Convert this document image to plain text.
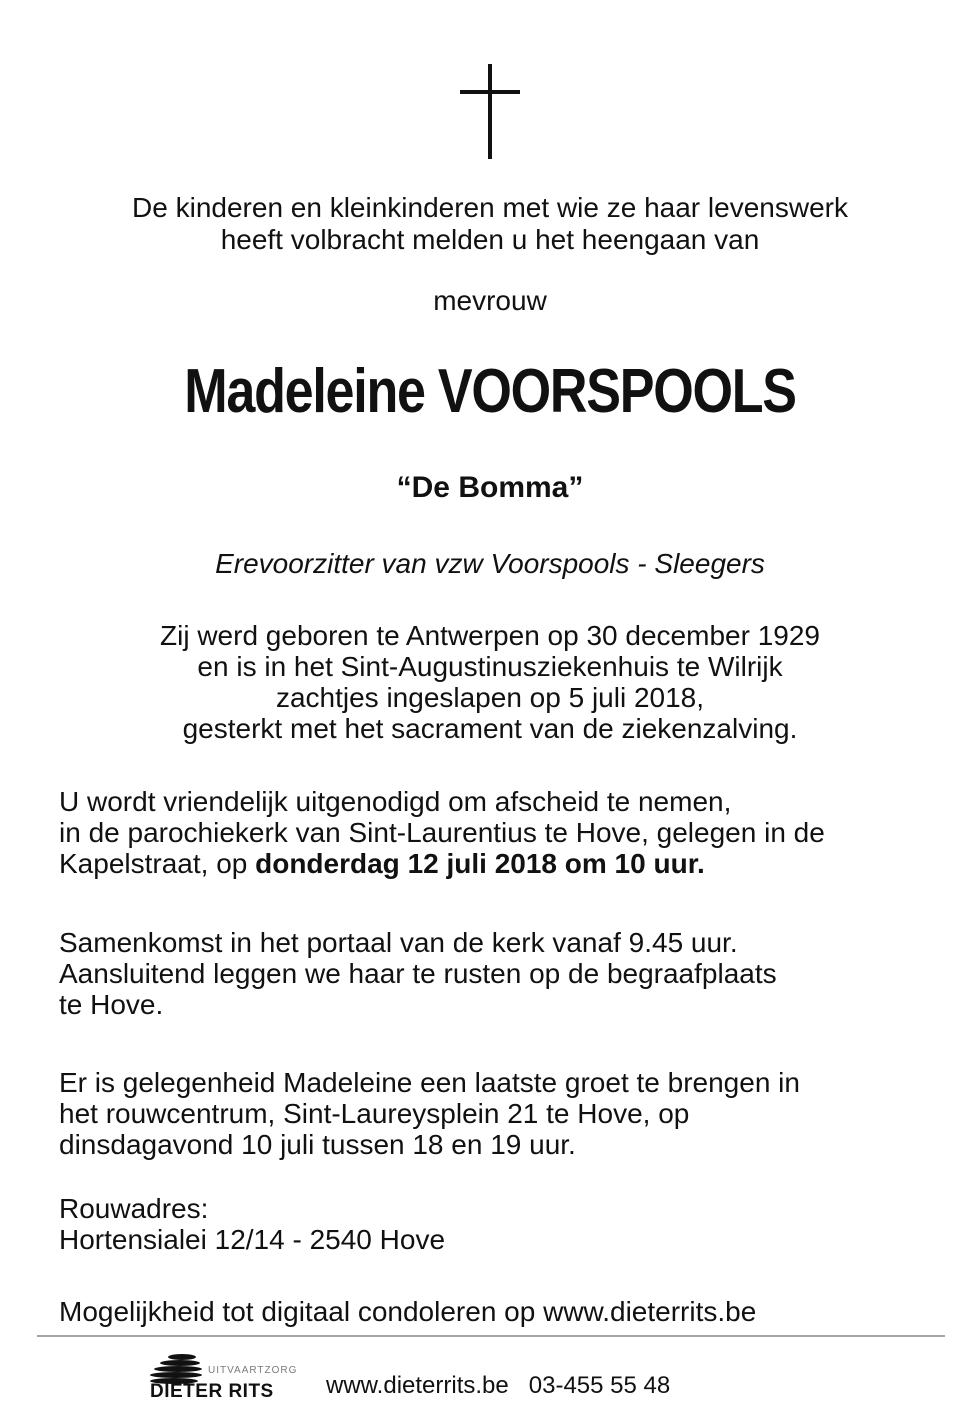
De kinderen en kleinkinderen met wie ze haar levenswerk
heeft volbracht melden u het heengaan van
mevrouw
Madeleine VOORSPOOLS
“De Bomma”
Erevoorzitter van vzw Voorspools - Sleegers
Zij werd geboren te Antwerpen op 30 december 1929
en is in het Sint-Augustinusziekenhuis te Wilrijk
zachtjes ingeslapen op 5 juli 2018,
gesterkt met het sacrament van de ziekenzalving.
U wordt vriendelijk uitgenodigd om afscheid te nemen,
in de parochiekerk van Sint-Laurentius te Hove, gelegen in de
Kapelstraat, op donderdag 12 juli 2018 om 10 uur.
Samenkomst in het portaal van de kerk vanaf 9.45 uur.
Aansluitend leggen we haar te rusten op de begraafplaats
te Hove.
Er is gelegenheid Madeleine een laatste groet te brengen in
het rouwcentrum, Sint-Laureysplein 21 te Hove, op
dinsdagavond 10 juli tussen 18 en 19 uur.
Rouwadres:
Hortensialei 12/14 - 2540 Hove
Mogelijkheid tot digitaal condoleren op www.dieterrits.be
UITVAARTZORG
DIETER RITS www.dieterrits.be 03-455 55 48
